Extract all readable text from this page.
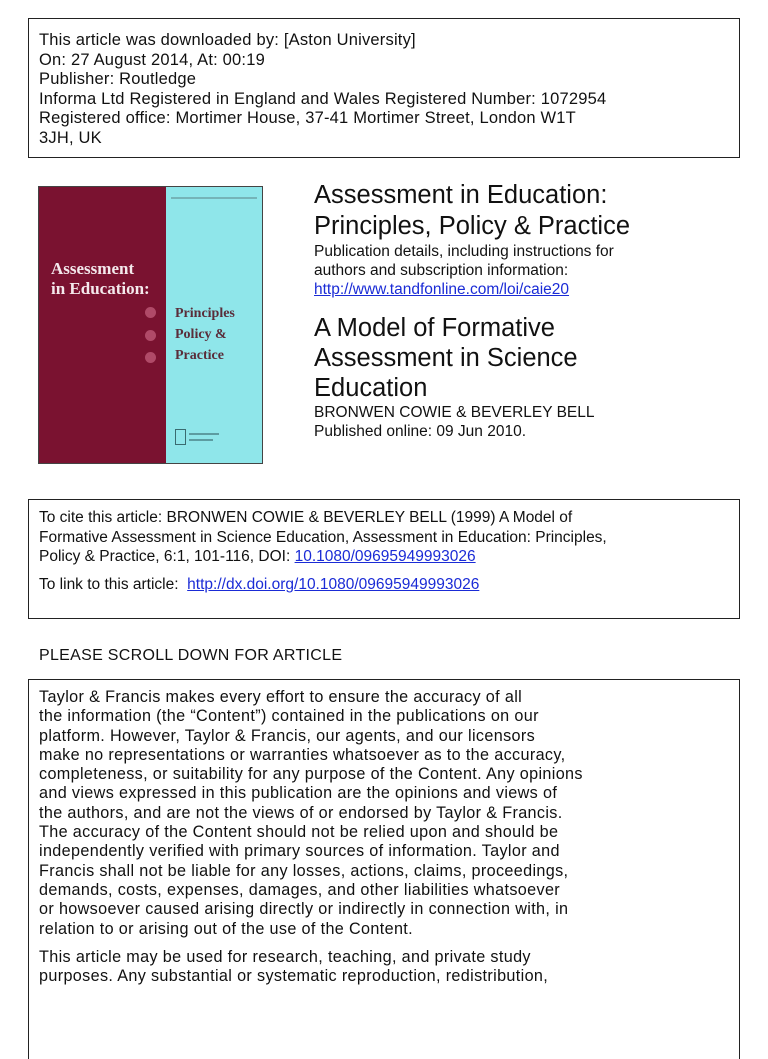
This article was downloaded by: [Aston University]
On: 27 August 2014, At: 00:19
Publisher: Routledge
Informa Ltd Registered in England and Wales Registered Number: 1072954
Registered office: Mortimer House, 37-41 Mortimer Street, London W1T
3JH, UK
Assessment
in Education:
Principles
Policy &
Practice
Assessment in Education:
Principles, Policy & Practice
Publication details, including instructions for
authors and subscription information:
http://www.tandfonline.com/loi/caie20
A Model of Formative
Assessment in Science
Education
BRONWEN COWIE & BEVERLEY BELL
Published online: 09 Jun 2010.
To cite this article: BRONWEN COWIE & BEVERLEY BELL (1999) A Model of
Formative Assessment in Science Education, Assessment in Education: Principles,
Policy & Practice, 6:1, 101-116, DOI: 10.1080/09695949993026
To link to this article:  http://dx.doi.org/10.1080/09695949993026
PLEASE SCROLL DOWN FOR ARTICLE
Taylor & Francis makes every effort to ensure the accuracy of all
the information (the “Content”) contained in the publications on our
platform. However, Taylor & Francis, our agents, and our licensors
make no representations or warranties whatsoever as to the accuracy,
completeness, or suitability for any purpose of the Content. Any opinions
and views expressed in this publication are the opinions and views of
the authors, and are not the views of or endorsed by Taylor & Francis.
The accuracy of the Content should not be relied upon and should be
independently verified with primary sources of information. Taylor and
Francis shall not be liable for any losses, actions, claims, proceedings,
demands, costs, expenses, damages, and other liabilities whatsoever
or howsoever caused arising directly or indirectly in connection with, in
relation to or arising out of the use of the Content.
This article may be used for research, teaching, and private study
purposes. Any substantial or systematic reproduction, redistribution,
